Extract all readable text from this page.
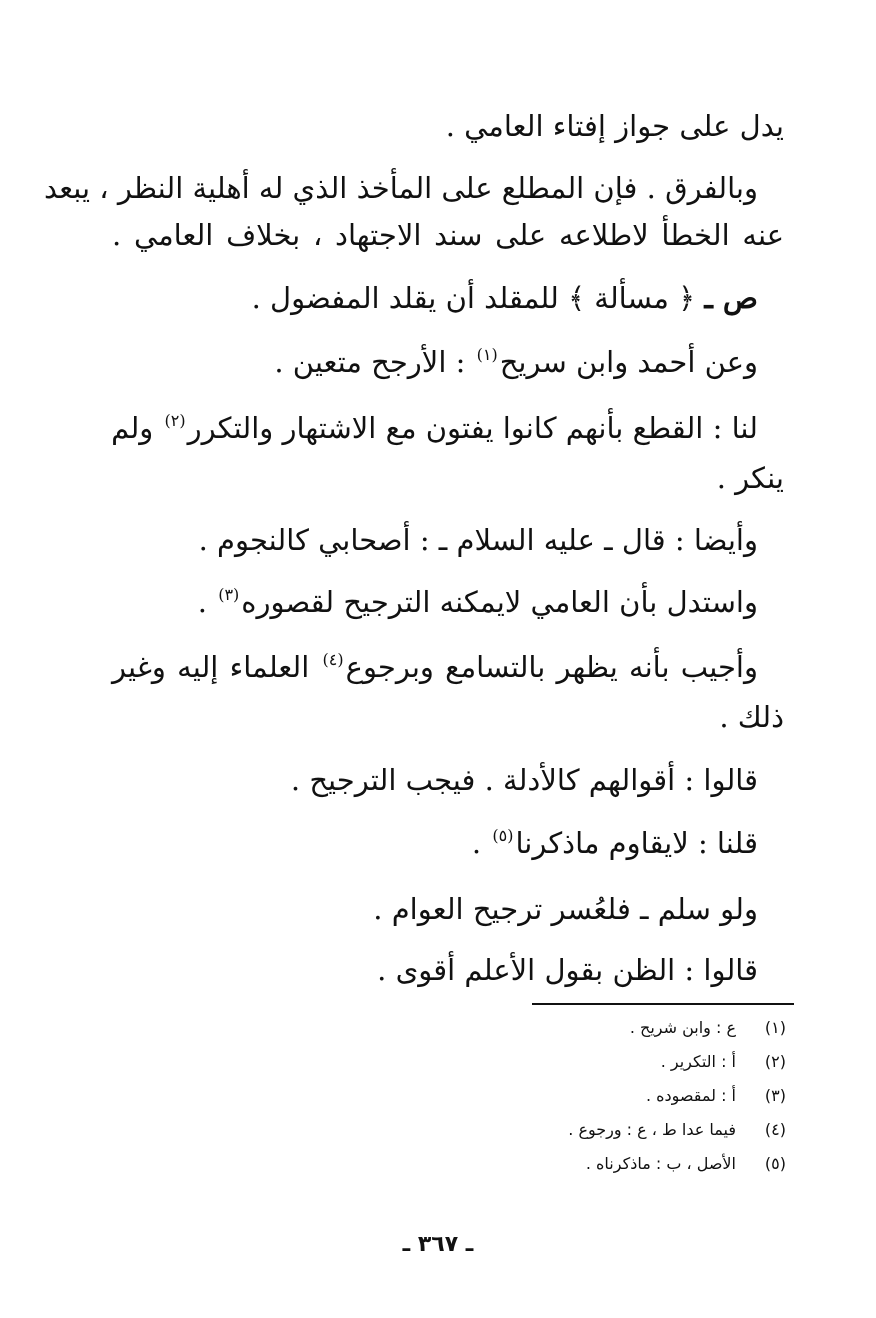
يدل على جواز إفتاء العامي .
وبالفرق . فإن المطلع على المأخذ الذي له أهلية النظر ، يبعد
عنه الخطأ لاطلاعه على سند الاجتهاد ، بخلاف العامي .
ص ـ ﴿ مسألة ﴾ للمقلد أن يقلد المفضول .
وعن أحمد وابن سريح$^{(١)}$ : الأرجح متعين .
لنا : القطع بأنهم كانوا يفتون مع الاشتهار والتكرر$^{(٢)}$ ولم
ينكر .
وأيضا : قال ـ عليه السلام ـ : أصحابي كالنجوم .
واستدل بأن العامي لايمكنه الترجيح لقصوره$^{(٣)}$ .
وأجيب بأنه يظهر بالتسامع وبرجوع$^{(٤)}$ العلماء إليه وغير
ذلك .
قالوا : أقوالهم كالأدلة . فيجب الترجيح .
قلنا : لايقاوم ماذكرنا$^{(٥)}$ .
ولو سلم ـ فلعُسر ترجيح العوام .
قالوا : الظن بقول الأعلم أقوى .
(١)ع : وابن شريح .
(٢)أ : التكرير .
(٣)أ : لمقصوده .
(٤)فيما عدا ط ، ع : ورجوع .
(٥)الأصل ، ب : ماذكرناه .
ـ ٣٦٧ ـ
